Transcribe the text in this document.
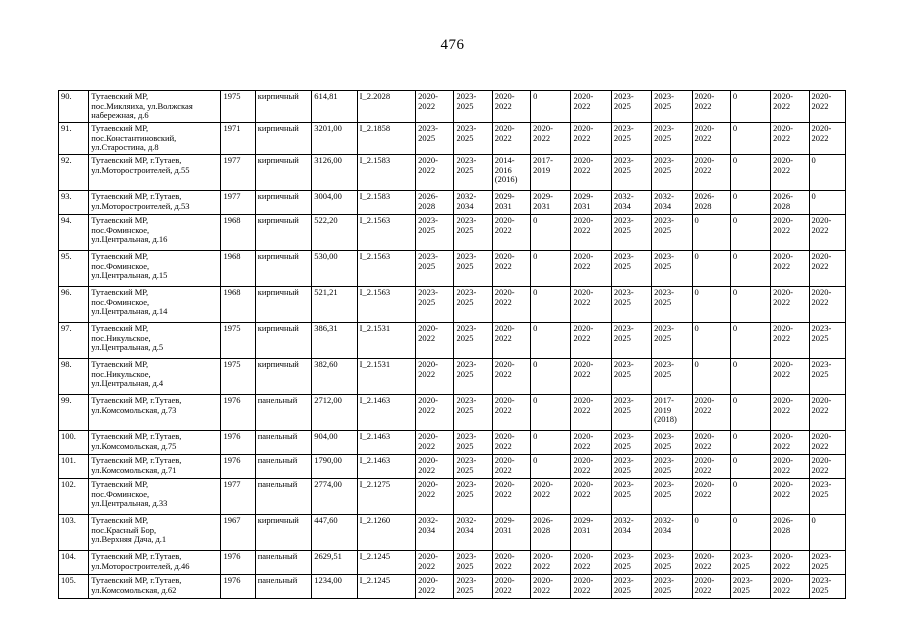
476
90.	Тутаевский МР,
пос.Микляиха, ул.Волжская
набережная, д.6	1975	кирпичный	614,81	I_2.2028	2020-
2022	2023-
2025	2020-
2022	0	2020-
2022	2023-
2025	2023-
2025	2020-
2022	0	2020-
2022	2020-
2022
91.	Тутаевский МР,
пос.Константиновский,
ул.Старостина, д.8	1971	кирпичный	3201,00	I_2.1858	2023-
2025	2023-
2025	2020-
2022	2020-
2022	2020-
2022	2023-
2025	2023-
2025	2020-
2022	0	2020-
2022	2020-
2022
92.	Тутаевский МР, г.Тутаев,
ул.Моторостроителей, д.55	1977	кирпичный	3126,00	I_2.1583	2020-
2022	2023-
2025	2014-
2016
(2016)	2017-
2019	2020-
2022	2023-
2025	2023-
2025	2020-
2022	0	2020-
2022	0
93.	Тутаевский МР, г.Тутаев,
ул.Моторостроителей, д.53	1977	кирпичный	3004,00	I_2.1583	2026-
2028	2032-
2034	2029-
2031	2029-
2031	2029-
2031	2032-
2034	2032-
2034	2026-
2028	0	2026-
2028	0
94.	Тутаевский МР,
пос.Фоминское,
ул.Центральная, д.16	1968	кирпичный	522,20	I_2.1563	2023-
2025	2023-
2025	2020-
2022	0	2020-
2022	2023-
2025	2023-
2025	0	0	2020-
2022	2020-
2022
95.	Тутаевский МР,
пос.Фоминское,
ул.Центральная, д.15	1968	кирпичный	530,00	I_2.1563	2023-
2025	2023-
2025	2020-
2022	0	2020-
2022	2023-
2025	2023-
2025	0	0	2020-
2022	2020-
2022
96.	Тутаевский МР,
пос.Фоминское,
ул.Центральная, д.14	1968	кирпичный	521,21	I_2.1563	2023-
2025	2023-
2025	2020-
2022	0	2020-
2022	2023-
2025	2023-
2025	0	0	2020-
2022	2020-
2022
97.	Тутаевский МР,
пос.Никульское,
ул.Центральная, д.5	1975	кирпичный	386,31	I_2.1531	2020-
2022	2023-
2025	2020-
2022	0	2020-
2022	2023-
2025	2023-
2025	0	0	2020-
2022	2023-
2025
98.	Тутаевский МР,
пос.Никульское,
ул.Центральная, д.4	1975	кирпичный	382,60	I_2.1531	2020-
2022	2023-
2025	2020-
2022	0	2020-
2022	2023-
2025	2023-
2025	0	0	2020-
2022	2023-
2025
99.	Тутаевский МР, г.Тутаев,
ул.Комсомольская, д.73	1976	панельный	2712,00	I_2.1463	2020-
2022	2023-
2025	2020-
2022	0	2020-
2022	2023-
2025	2017-
2019
(2018)	2020-
2022	0	2020-
2022	2020-
2022
100.	Тутаевский МР, г.Тутаев,
ул.Комсомольская, д.75	1976	панельный	904,00	I_2.1463	2020-
2022	2023-
2025	2020-
2022	0	2020-
2022	2023-
2025	2023-
2025	2020-
2022	0	2020-
2022	2020-
2022
101.	Тутаевский МР, г.Тутаев,
ул.Комсомольская, д.71	1976	панельный	1790,00	I_2.1463	2020-
2022	2023-
2025	2020-
2022	0	2020-
2022	2023-
2025	2023-
2025	2020-
2022	0	2020-
2022	2020-
2022
102.	Тутаевский МР,
пос.Фоминское,
ул.Центральная, д.33	1977	панельный	2774,00	I_2.1275	2020-
2022	2023-
2025	2020-
2022	2020-
2022	2020-
2022	2023-
2025	2023-
2025	2020-
2022	0	2020-
2022	2023-
2025
103.	Тутаевский МР,
пос.Красный Бор,
ул.Верхняя Дача, д.1	1967	кирпичный	447,60	I_2.1260	2032-
2034	2032-
2034	2029-
2031	2026-
2028	2029-
2031	2032-
2034	2032-
2034	0	0	2026-
2028	0
104.	Тутаевский МР, г.Тутаев,
ул.Моторостроителей, д.46	1976	панельный	2629,51	I_2.1245	2020-
2022	2023-
2025	2020-
2022	2020-
2022	2020-
2022	2023-
2025	2023-
2025	2020-
2022	2023-
2025	2020-
2022	2023-
2025
105.	Тутаевский МР, г.Тутаев,
ул.Комсомольская, д.62	1976	панельный	1234,00	I_2.1245	2020-
2022	2023-
2025	2020-
2022	2020-
2022	2020-
2022	2023-
2025	2023-
2025	2020-
2022	2023-
2025	2020-
2022	2023-
2025
